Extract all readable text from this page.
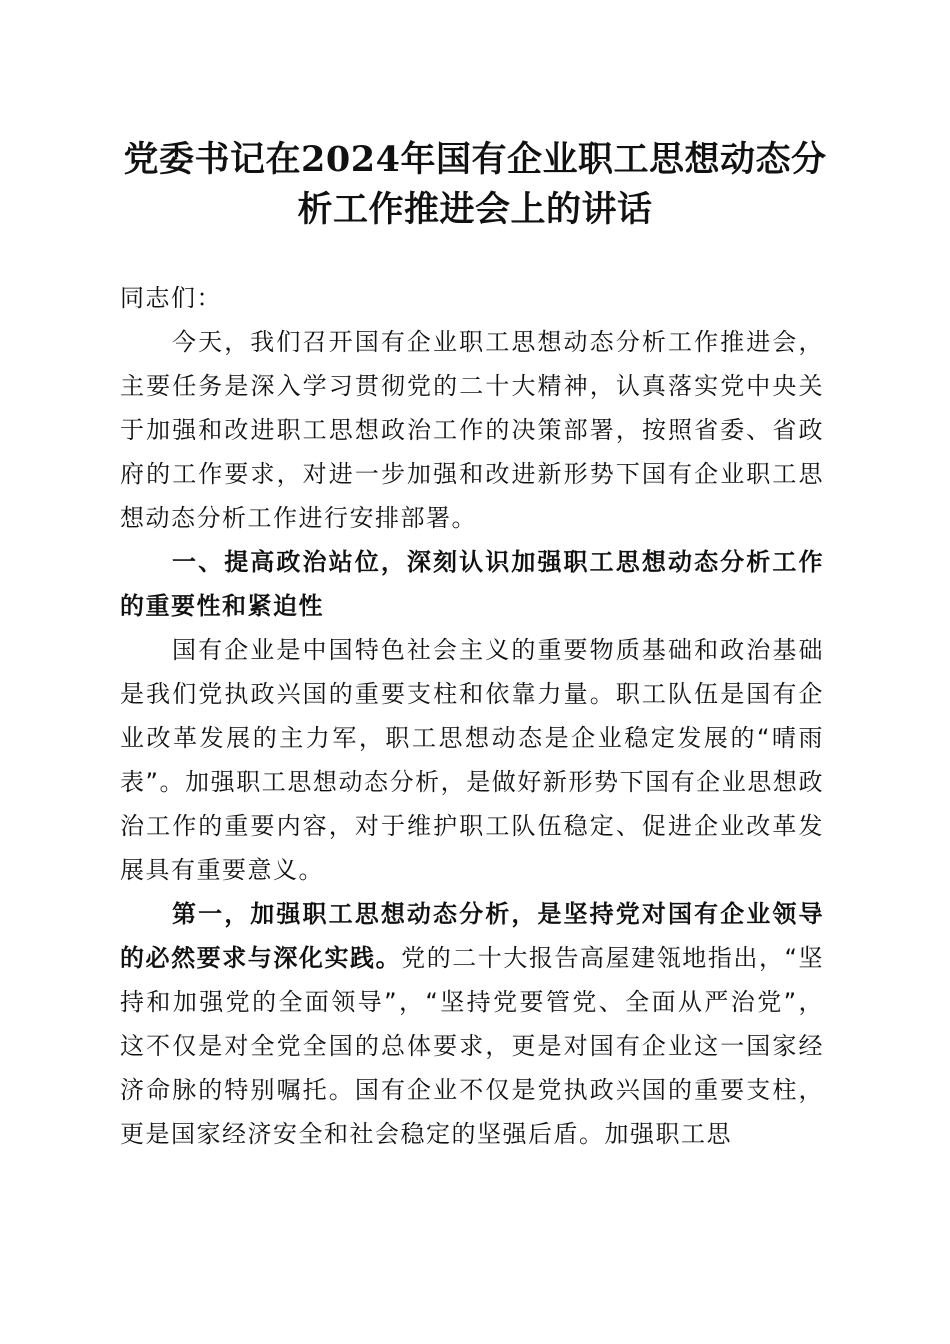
党委书记在2024年国有企业职工思想动态分
析工作推进会上的讲话

同志们：

今天，我们召开国有企业职工思想动态分析工作推进会，主要任务是深入学习贯彻党的二十大精神，认真落实党中央关于加强和改进职工思想政治工作的决策部署，按照省委、省政府的工作要求，对进一步加强和改进新形势下国有企业职工思想动态分析工作进行安排部署。

一、提高政治站位，深刻认识加强职工思想动态分析工作的重要性和紧迫性

国有企业是中国特色社会主义的重要物质基础和政治基础是我们党执政兴国的重要支柱和依靠力量。职工队伍是国有企业改革发展的主力军，职工思想动态是企业稳定发展的“晴雨表”。加强职工思想动态分析，是做好新形势下国有企业思想政治工作的重要内容，对于维护职工队伍稳定、促进企业改革发展具有重要意义。

第一，加强职工思想动态分析，是坚持党对国有企业领导的必然要求与深化实践。党的二十大报告高屋建瓴地指出，“坚持和加强党的全面领导”，“坚持党要管党、全面从严治党”，这不仅是对全党全国的总体要求，更是对国有企业这一国家经济命脉的特别嘱托。国有企业不仅是党执政兴国的重要支柱，更是国家经济安全和社会稳定的坚强后盾。加强职工思
